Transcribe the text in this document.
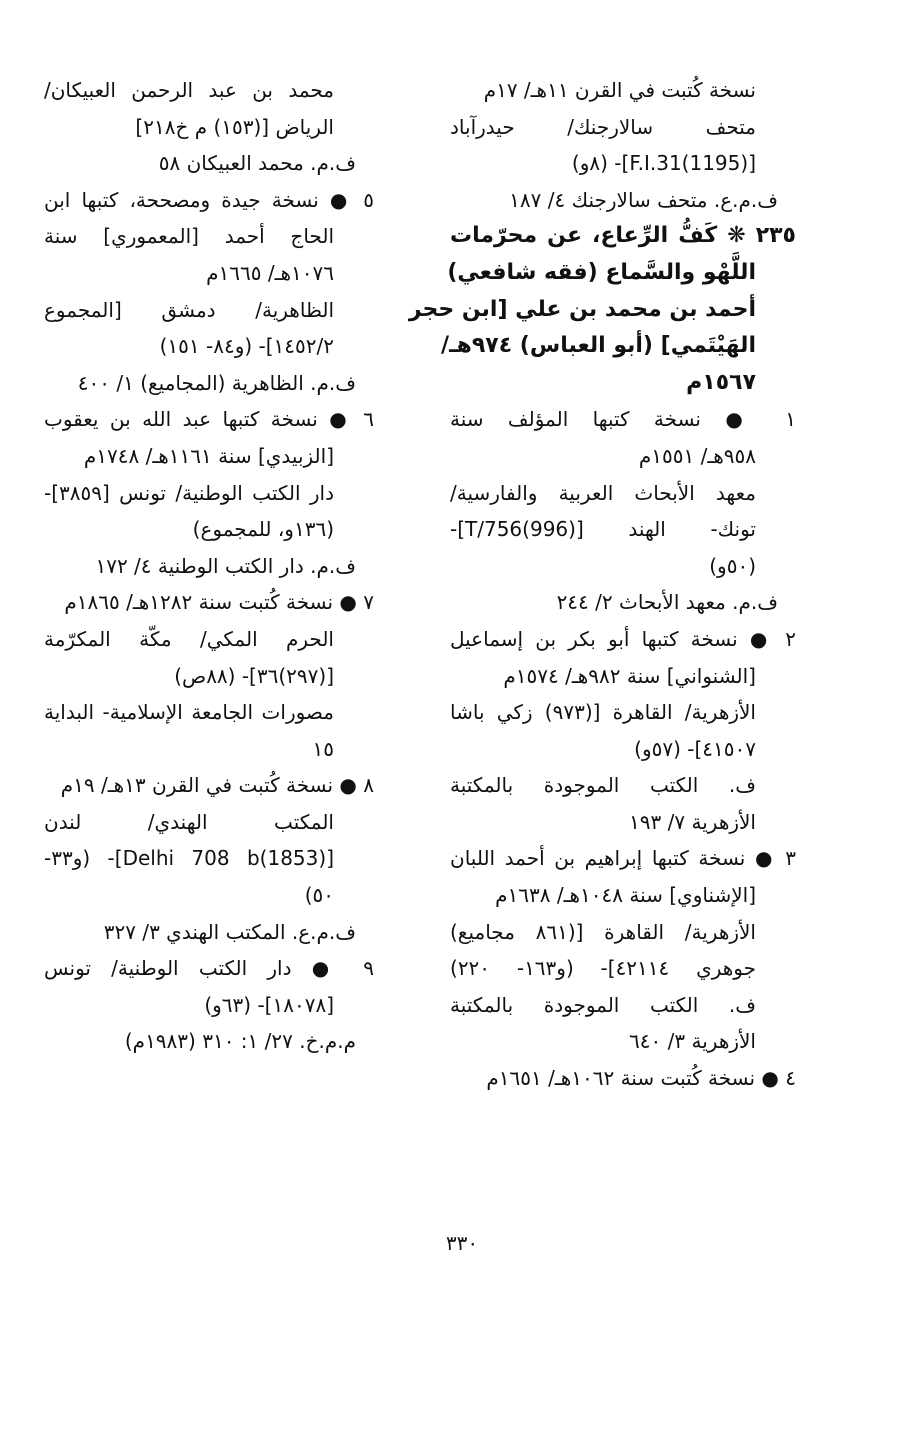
نسخة كُتبت في القرن ١١هـ/ ١٧م
متحف سالارجنك/ حيدرآباد
[(1195)F.I.31]- (٨و)
ف.م.ع. متحف سالارجنك ٤/ ١٨٧
٢٣٥ ❋ كَفُّ الرِّعاع، عن محرّمات
اللَّهْو والسَّماع (فقه شافعي)
أحمد بن محمد بن علي [ابن حجر
الهَيْتَمي] (أبو العباس) ٩٧٤هـ/
١٥٦٧م
١ ● نسخة كتبها المؤلف سنة
٩٥٨هـ/ ١٥٥١م
معهد الأبحاث العربية والفارسية/
تونك- الهند [(996)T/756]-
(٥٠و)
ف.م. معهد الأبحاث ٢/ ٢٤٤
٢ ● نسخة كتبها أبو بكر بن إسماعيل
[الشنواني] سنة ٩٨٢هـ/ ١٥٧٤م
الأزهرية/ القاهرة [(٩٧٣) زكي باشا
٤١٥٠٧]- (٥٧و)
ف. الكتب الموجودة بالمكتبة
الأزهرية ٧/ ١٩٣
٣ ● نسخة كتبها إبراهيم بن أحمد اللبان
[الإشناوي] سنة ١٠٤٨هـ/ ١٦٣٨م
الأزهرية/ القاهرة [(٨٦١ مجاميع)
جوهري ٤٢١١٤]- (و١٦٣- ٢٢٠)
ف. الكتب الموجودة بالمكتبة
الأزهرية ٣/ ٦٤٠
٤ ● نسخة كُتبت سنة ١٠٦٢هـ/ ١٦٥١م
محمد بن عبد الرحمن العبيكان/
الرياض [(١٥٣) م خ٢١٨]
ف.م. محمد العبيكان ٥٨
٥ ● نسخة جيدة ومصححة، كتبها ابن
الحاج أحمد [المعموري] سنة
١٠٧٦هـ/ ١٦٦٥م
الظاهرية/ دمشق [المجموع
١٤٥٢/٢]- (و٨٤- ١٥١)
ف.م. الظاهرية (المجاميع) ١/ ٤٠٠
٦ ● نسخة كتبها عبد الله بن يعقوب
[الزبيدي] سنة ١١٦١هـ/ ١٧٤٨م
دار الكتب الوطنية/ تونس [٣٨٥٩]-
(١٣٦و، للمجموع)
ف.م. دار الكتب الوطنية ٤/ ١٧٢
٧ ● نسخة كُتبت سنة ١٢٨٢هـ/ ١٨٦٥م
الحرم المكي/ مكّة المكرّمة
[(٢٩٧)٣٦]- (٨٨ص)
مصورات الجامعة الإسلامية- البداية
١٥
٨ ● نسخة كُتبت في القرن ١٣هـ/ ١٩م
المكتب الهندي/ لندن
[(1853)Delhi 708 b]- (و٣٣-
٥٠)
ف.م.ع. المكتب الهندي ٣/ ٣٢٧
٩ ● دار الكتب الوطنية/ تونس
[١٨٠٧٨]- (٦٣و)
م.م.خ. ٢٧/ ١: ٣١٠ (١٩٨٣م)
٣٣٠
